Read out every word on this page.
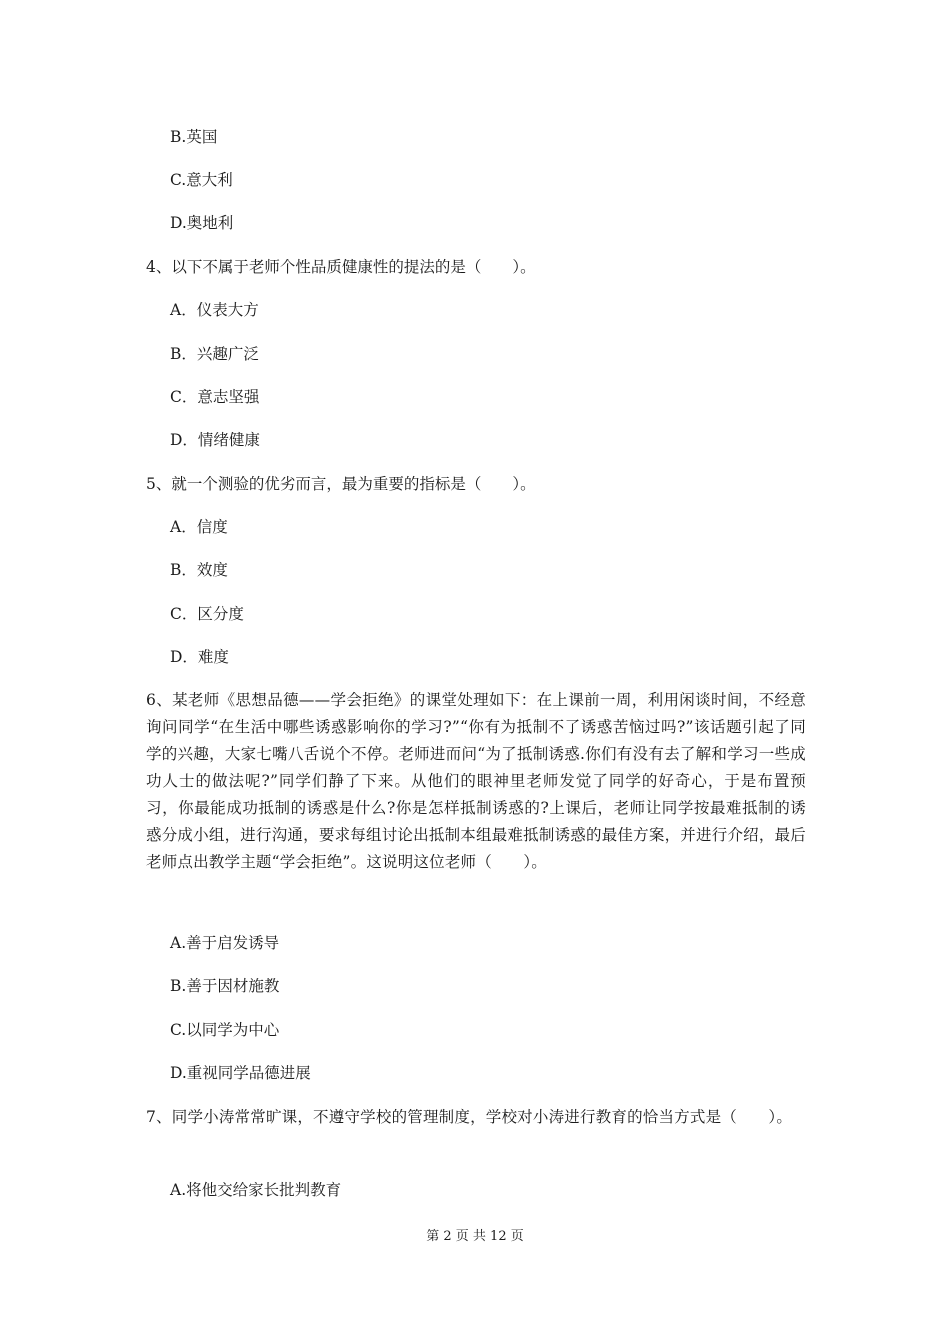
B.英国
C.意大利
D.奥地利
4、以下不属于老师个性品质健康性的提法的是（　　）。
A．仪表大方
B．兴趣广泛
C．意志坚强
D．情绪健康
5、就一个测验的优劣而言，最为重要的指标是（　　）。
A．信度
B．效度
C．区分度
D．难度
6、某老师《思想品德——学会拒绝》的课堂处理如下：在上课前一周，利用闲谈时间，不经意询问同学“在生活中哪些诱惑影响你的学习?”“你有为抵制不了诱惑苦恼过吗?”该话题引起了同学的兴趣，大家七嘴八舌说个不停。老师进而问“为了抵制诱惑.你们有没有去了解和学习一些成功人士的做法呢?”同学们静了下来。从他们的眼神里老师发觉了同学的好奇心，于是布置预习，你最能成功抵制的诱惑是什么?你是怎样抵制诱惑的?上课后，老师让同学按最难抵制的诱惑分成小组，进行沟通，要求每组讨论出抵制本组最难抵制诱惑的最佳方案，并进行介绍，最后老师点出教学主题“学会拒绝”。这说明这位老师（　　）。
A.善于启发诱导
B.善于因材施教
C.以同学为中心
D.重视同学品德进展
7、同学小涛常常旷课，不遵守学校的管理制度，学校对小涛进行教育的恰当方式是（　　）。
A.将他交给家长批判教育
第 2 页 共 12 页
